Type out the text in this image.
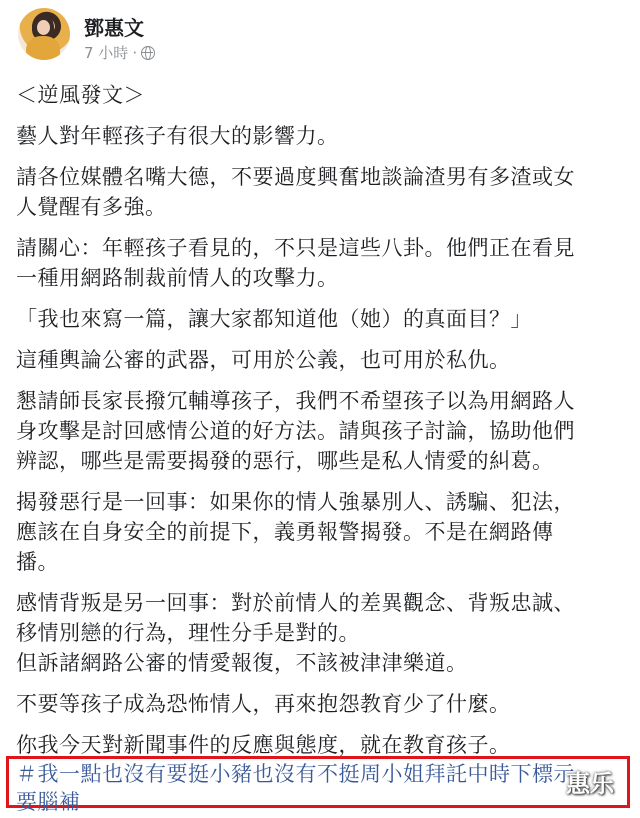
鄧惠文
7 小時 ·

＜逆風發文＞

藝人對年輕孩子有很大的影響力。

請各位媒體名嘴大德，不要過度興奮地談論渣男有多渣或女
人覺醒有多強。

請關心：年輕孩子看見的，不只是這些八卦。他們正在看見
一種用網路制裁前情人的攻擊力。

「我也來寫一篇，讓大家都知道他（她）的真面目？」

這種輿論公審的武器，可用於公義，也可用於私仇。

懇請師長家長撥冗輔導孩子，我們不希望孩子以為用網路人
身攻擊是討回感情公道的好方法。請與孩子討論，協助他們
辨認，哪些是需要揭發的惡行，哪些是私人情愛的糾葛。

揭發惡行是一回事：如果你的情人強暴別人、誘騙、犯法，
應該在自身安全的前提下，義勇報警揭發。不是在網路傳
播。

感情背叛是另一回事：對於前情人的差異觀念、背叛忠誠、
移情別戀的行為，理性分手是對的。
但訴諸網路公審的情愛報復，不該被津津樂道。

不要等孩子成為恐怖情人，再來抱怨教育少了什麼。

你我今天對新聞事件的反應與態度，就在教育孩子。

＃我一點也沒有要挺小豬也沒有不挺周小姐拜託中時下標示
要腦補
惠乐
